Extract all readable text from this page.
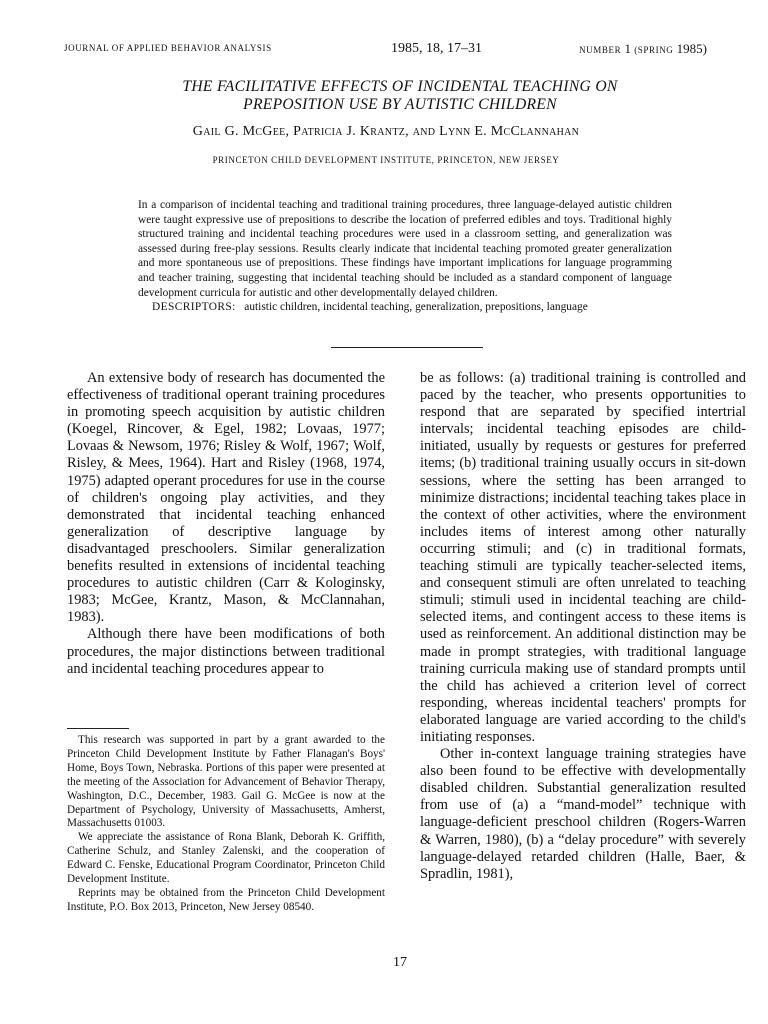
JOURNAL OF APPLIED BEHAVIOR ANALYSIS	1985, 18, 17–31	NUMBER 1 (SPRING 1985)
THE FACILITATIVE EFFECTS OF INCIDENTAL TEACHING ON
PREPOSITION USE BY AUTISTIC CHILDREN
Gail G. McGee, Patricia J. Krantz, and Lynn E. McClannahan
PRINCETON CHILD DEVELOPMENT INSTITUTE, PRINCETON, NEW JERSEY

In a comparison of incidental teaching and traditional training procedures, three language-delayed autistic children were taught expressive use of prepositions to describe the location of preferred edibles and toys. Traditional highly structured training and incidental teaching procedures were used in a classroom setting, and generalization was assessed during free-play sessions. Results clearly indicate that incidental teaching promoted greater generalization and more spontaneous use of prepositions. These findings have important implications for language programming and teacher training, suggesting that incidental teaching should be included as a standard component of language development curricula for autistic and other developmentally delayed children.

DESCRIPTORS: autistic children, incidental teaching, generalization, prepositions, language

An extensive body of research has documented the effectiveness of traditional operant training procedures in promoting speech acquisition by autistic children (Koegel, Rincover, & Egel, 1982; Lovaas, 1977; Lovaas & Newsom, 1976; Risley & Wolf, 1967; Wolf, Risley, & Mees, 1964). Hart and Risley (1968, 1974, 1975) adapted operant procedures for use in the course of children's ongoing play activities, and they demonstrated that incidental teaching enhanced generalization of descriptive language by disadvantaged preschoolers. Similar generalization benefits resulted in extensions of incidental teaching procedures to autistic children (Carr & Kologinsky, 1983; McGee, Krantz, Mason, & McClannahan, 1983).

Although there have been modifications of both procedures, the major distinctions between traditional and incidental teaching procedures appear to

This research was supported in part by a grant awarded to the Princeton Child Development Institute by Father Flanagan's Boys' Home, Boys Town, Nebraska. Portions of this paper were presented at the meeting of the Association for Advancement of Behavior Therapy, Washington, D.C., December, 1983. Gail G. McGee is now at the Department of Psychology, University of Massachusetts, Amherst, Massachusetts 01003.

We appreciate the assistance of Rona Blank, Deborah K. Griffith, Catherine Schulz, and Stanley Zalenski, and the cooperation of Edward C. Fenske, Educational Program Coordinator, Princeton Child Development Institute.

Reprints may be obtained from the Princeton Child Development Institute, P.O. Box 2013, Princeton, New Jersey 08540.

be as follows: (a) traditional training is controlled and paced by the teacher, who presents opportunities to respond that are separated by specified intertrial intervals; incidental teaching episodes are child-initiated, usually by requests or gestures for preferred items; (b) traditional training usually occurs in sit-down sessions, where the setting has been arranged to minimize distractions; incidental teaching takes place in the context of other activities, where the environment includes items of interest among other naturally occurring stimuli; and (c) in traditional formats, teaching stimuli are typically teacher-selected items, and consequent stimuli are often unrelated to teaching stimuli; stimuli used in incidental teaching are child-selected items, and contingent access to these items is used as reinforcement. An additional distinction may be made in prompt strategies, with traditional language training curricula making use of standard prompts until the child has achieved a criterion level of correct responding, whereas incidental teachers' prompts for elaborated language are varied according to the child's initiating responses.

Other in-context language training strategies have also been found to be effective with developmentally disabled children. Substantial generalization resulted from use of (a) a “mand-model” technique with language-deficient preschool children (Rogers-Warren & Warren, 1980), (b) a “delay procedure” with severely language-delayed retarded children (Halle, Baer, & Spradlin, 1981),

17
